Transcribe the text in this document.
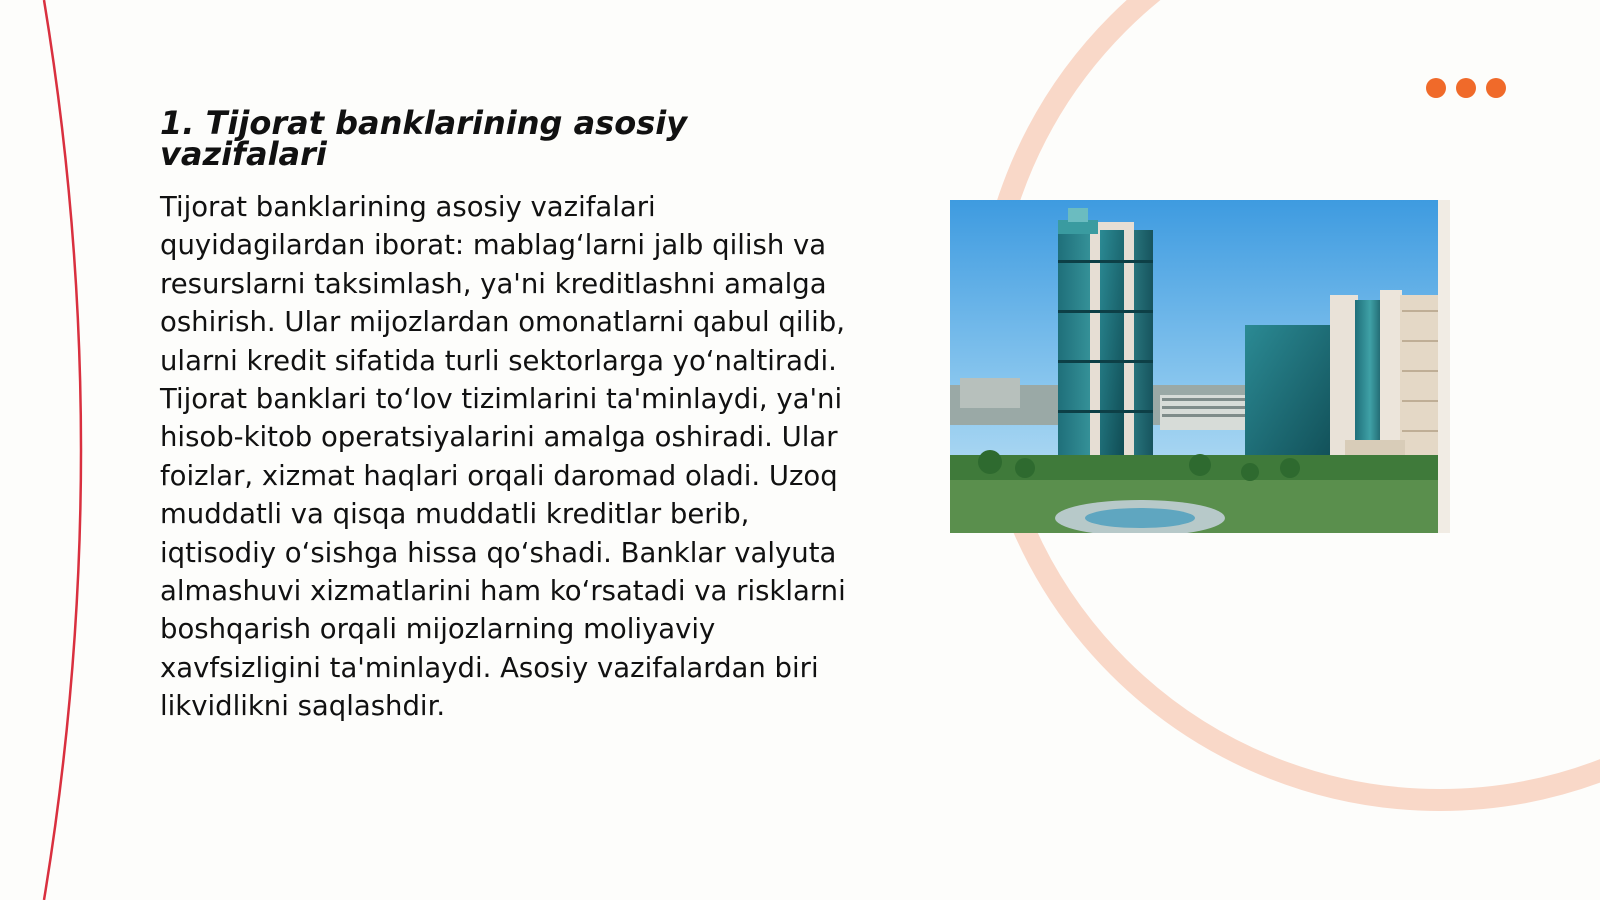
1. Tijorat banklarining asosiy vazifalari

Tijorat banklarining asosiy vazifalari quyidagilardan iborat: mablag‘larni jalb qilish va resurslarni taksimlash, ya'ni kreditlashni amalga oshirish. Ular mijozlardan omonatlarni qabul qilib, ularni kredit sifatida turli sektorlarga yo‘naltiradi. Tijorat banklari to‘lov tizimlarini ta'minlaydi, ya'ni hisob-kitob operatsiyalarini amalga oshiradi. Ular foizlar, xizmat haqlari orqali daromad oladi. Uzoq muddatli va qisqa muddatli kreditlar berib, iqtisodiy o‘sishga hissa qo‘shadi. Banklar valyuta almashuvi xizmatlarini ham ko‘rsatadi va risklarni boshqarish orqali mijozlarning moliyaviy xavfsizligini ta'minlaydi. Asosiy vazifalardan biri likvidlikni saqlashdir.
